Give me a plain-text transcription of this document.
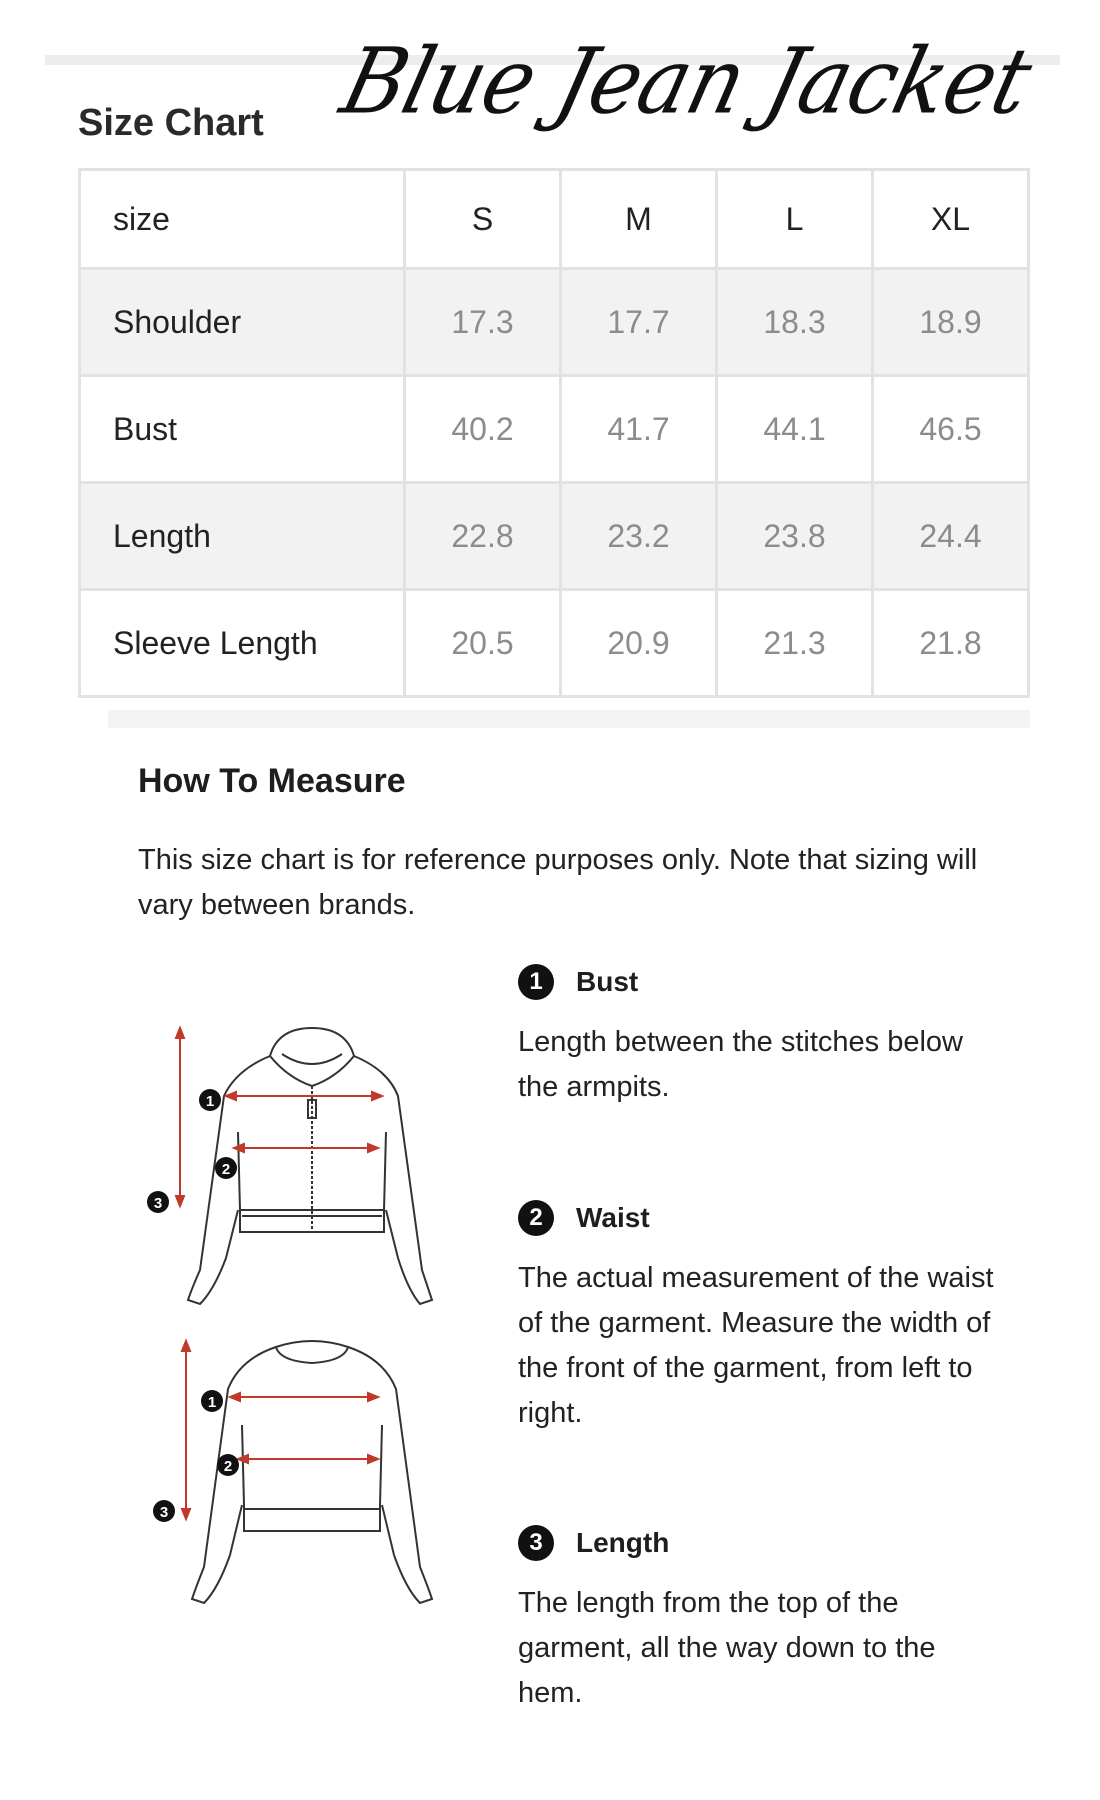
Size Chart Blue Jean Jacket
size	S	M	L	XL
Shoulder	17.3	17.7	18.3	18.9
Bust	40.2	41.7	44.1	46.5
Length	22.8	23.2	23.8	24.4
Sleeve Length	20.5	20.9	21.3	21.8
How To Measure
This size chart is for reference purposes only. Note that sizing will vary between brands.
1
2
3
1
2
3
1	Bust
Length between the stitches below the armpits.
2	Waist
The actual measurement of the waist of the garment. Measure the width of the front of the garment, from left to right.
3	Length
The length from the top of the garment, all the way down to the hem.
